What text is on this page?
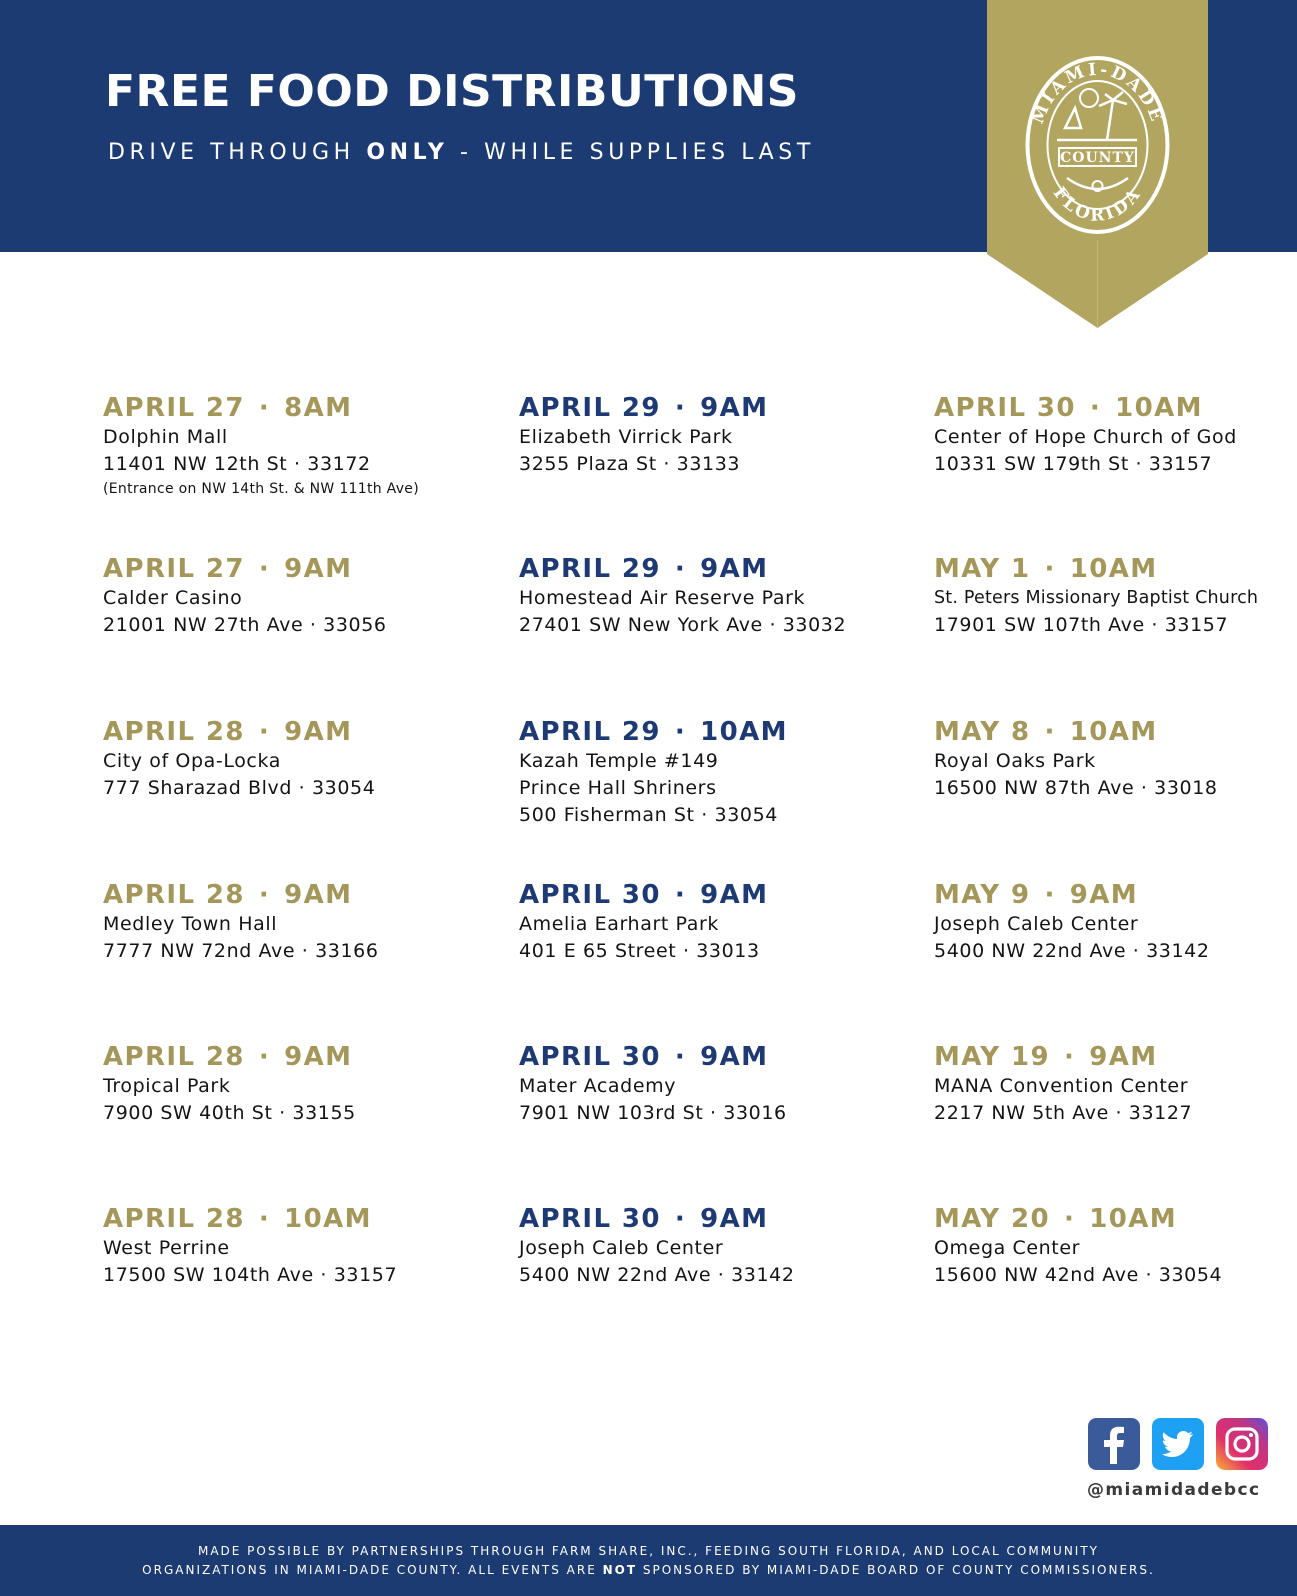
FREE FOOD DISTRIBUTIONS
DRIVE THROUGH ONLY - WHILE SUPPLIES LAST
MIAMI-DADE
FLORIDA
COUNTY
APRIL 27 · 8AM
Dolphin Mall
11401 NW 12th St · 33172
(Entrance on NW 14th St. & NW 111th Ave)
APRIL 29 · 9AM
Elizabeth Virrick Park
3255 Plaza St · 33133
APRIL 30 · 10AM
Center of Hope Church of God
10331 SW 179th St · 33157
APRIL 27 · 9AM
Calder Casino
21001 NW 27th Ave · 33056
APRIL 29 · 9AM
Homestead Air Reserve Park
27401 SW New York Ave · 33032
MAY 1 · 10AM
St. Peters Missionary Baptist Church
17901 SW 107th Ave · 33157
APRIL 28 · 9AM
City of Opa-Locka
777 Sharazad Blvd · 33054
APRIL 29 · 10AM
Kazah Temple #149
Prince Hall Shriners
500 Fisherman St · 33054
MAY 8 · 10AM
Royal Oaks Park
16500 NW 87th Ave · 33018
APRIL 28 · 9AM
Medley Town Hall
7777 NW 72nd Ave · 33166
APRIL 30 · 9AM
Amelia Earhart Park
401 E 65 Street · 33013
MAY 9 · 9AM
Joseph Caleb Center
5400 NW 22nd Ave · 33142
APRIL 28 · 9AM
Tropical Park
7900 SW 40th St · 33155
APRIL 30 · 9AM
Mater Academy
7901 NW 103rd St · 33016
MAY 19 · 9AM
MANA Convention Center
2217 NW 5th Ave · 33127
APRIL 28 · 10AM
West Perrine
17500 SW 104th Ave · 33157
APRIL 30 · 9AM
Joseph Caleb Center
5400 NW 22nd Ave · 33142
MAY 20 · 10AM
Omega Center
15600 NW 42nd Ave · 33054
@miamidadebcc
MADE POSSIBLE BY PARTNERSHIPS THROUGH FARM SHARE, INC., FEEDING SOUTH FLORIDA, AND LOCAL COMMUNITY
ORGANIZATIONS IN MIAMI-DADE COUNTY. ALL EVENTS ARE NOT SPONSORED BY MIAMI-DADE BOARD OF COUNTY COMMISSIONERS.
